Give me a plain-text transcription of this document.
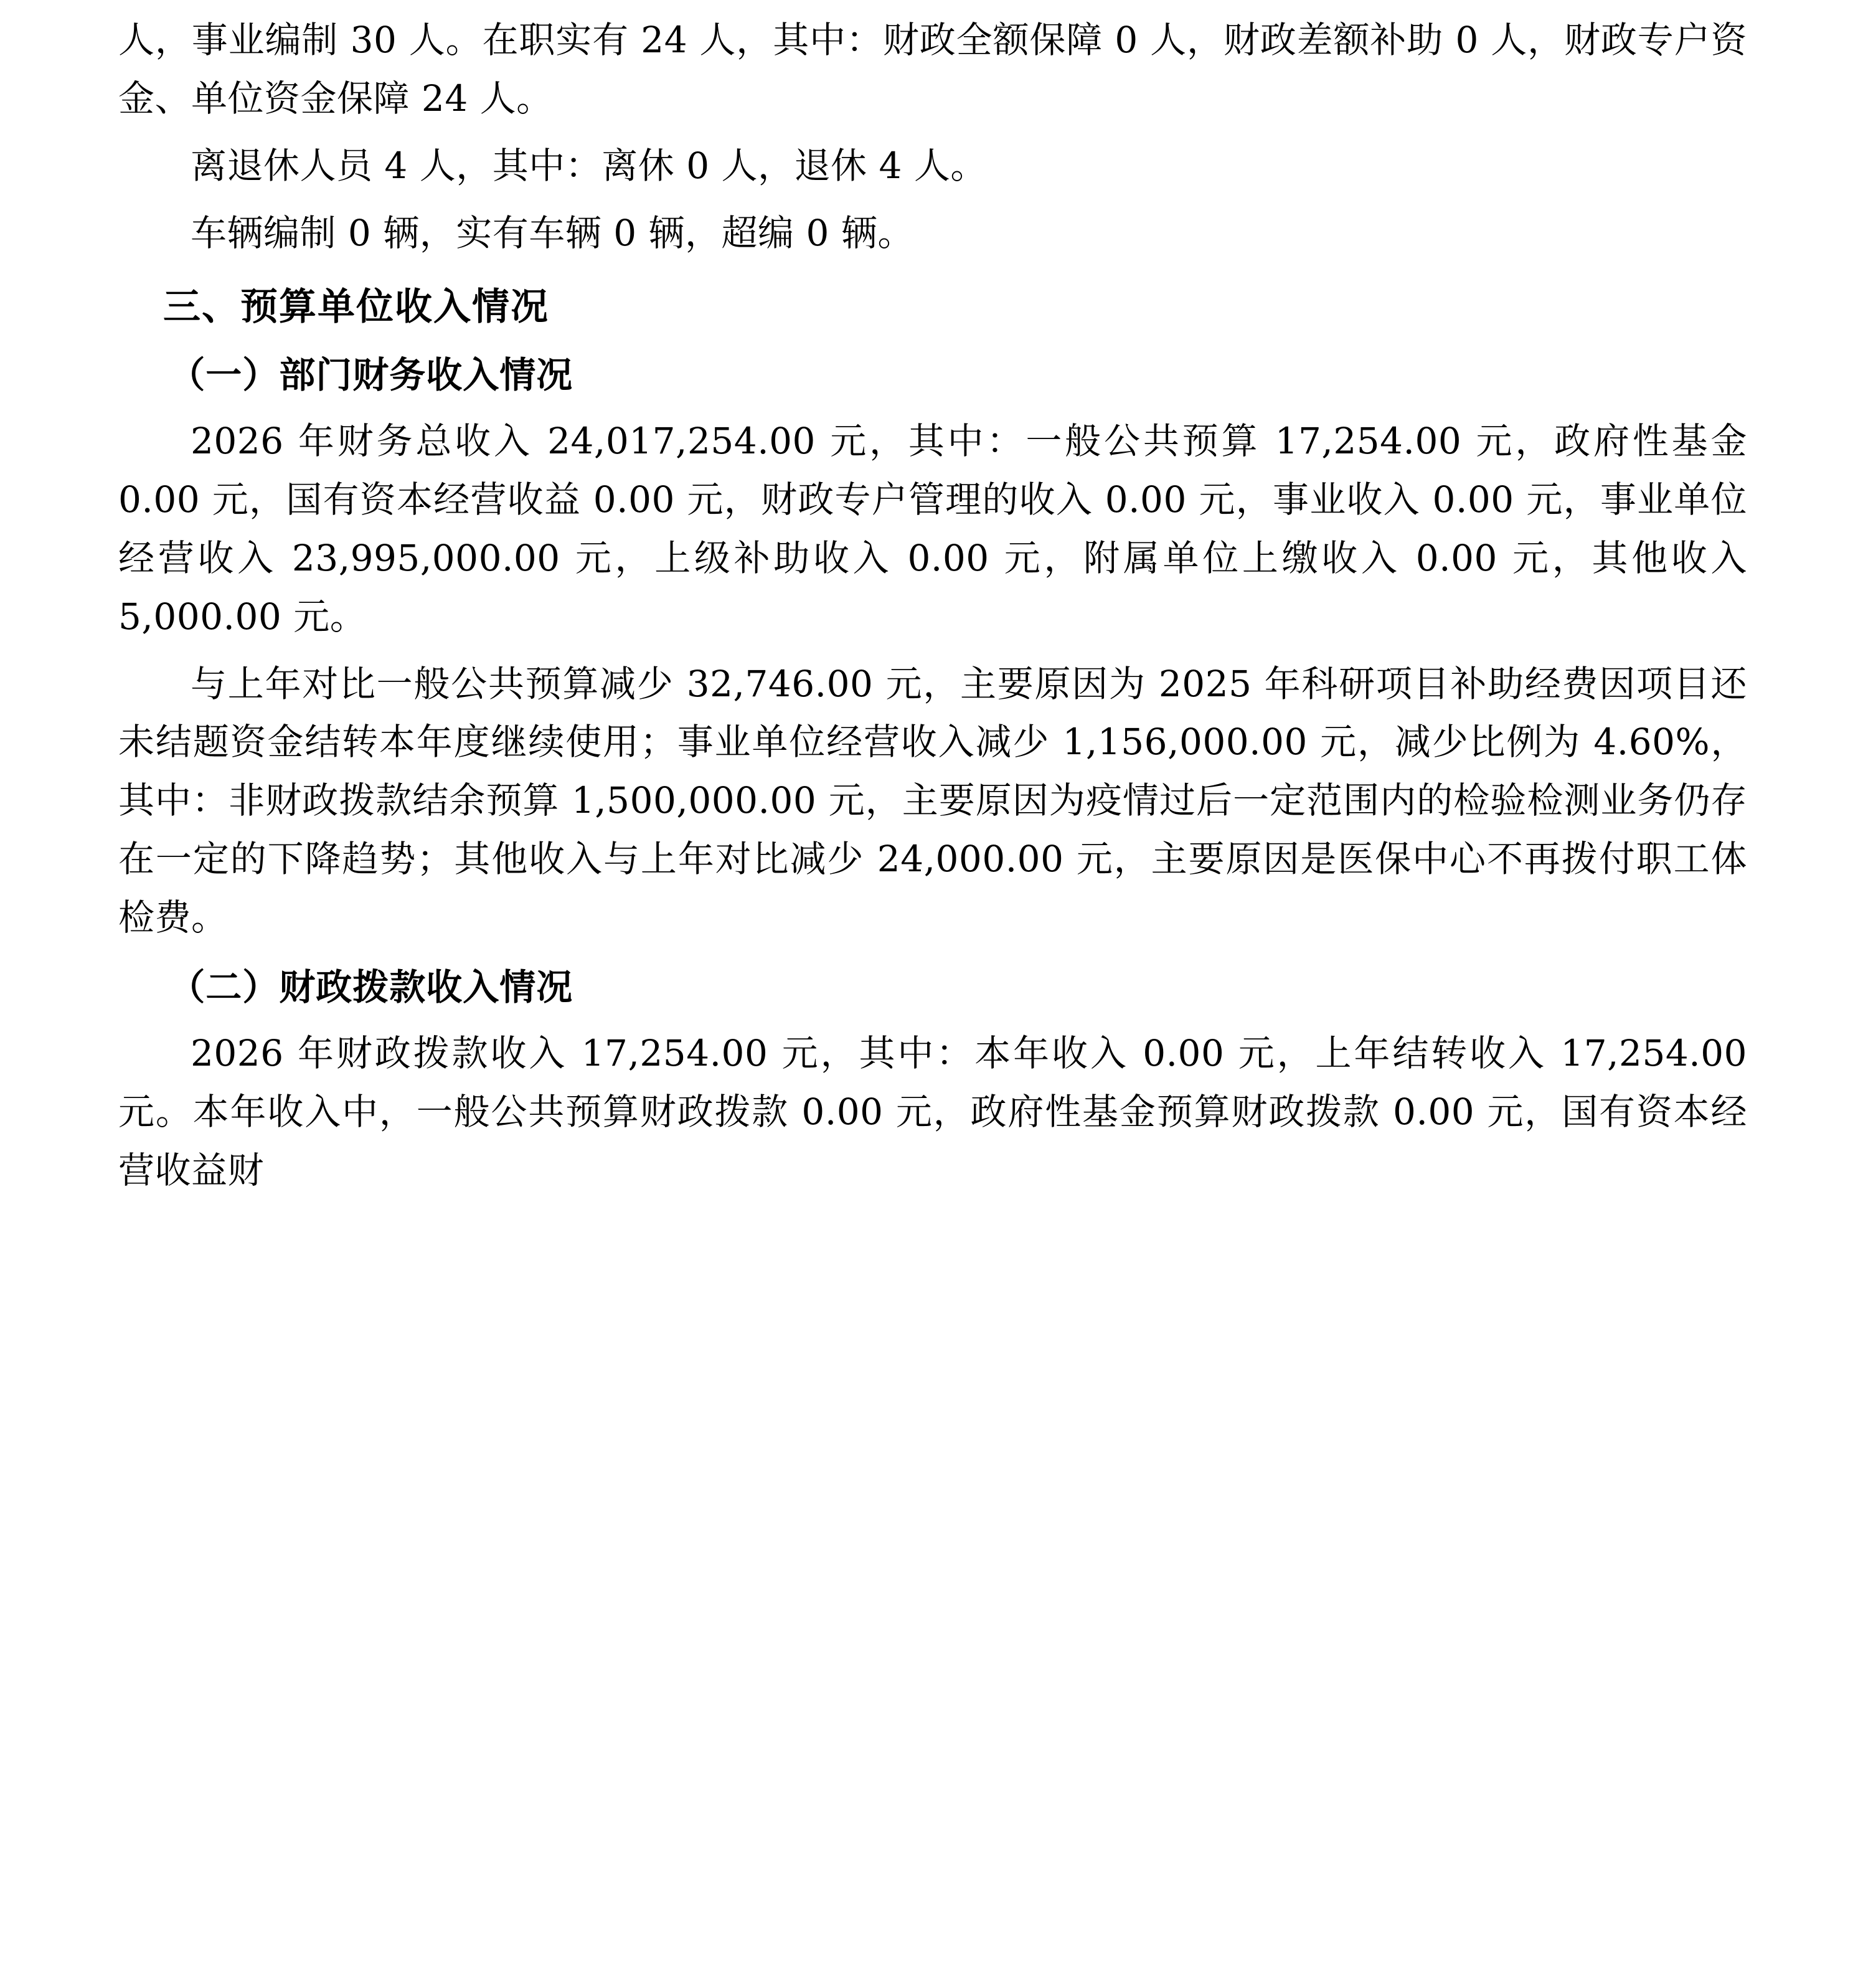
人，事业编制 30 人。在职实有 24 人，其中：财政全额保障 0 人，财政差额补助 0 人，财政专户资金、单位资金保障 24 人。

离退休人员 4 人，其中：离休 0 人，退休 4 人。

车辆编制 0 辆，实有车辆 0 辆，超编 0 辆。

三、预算单位收入情况
（一）部门财务收入情况

2026 年财务总收入 24,017,254.00 元，其中：一般公共预算 17,254.00 元，政府性基金 0.00 元，国有资本经营收益 0.00 元，财政专户管理的收入 0.00 元，事业收入 0.00 元，事业单位经营收入 23,995,000.00 元，上级补助收入 0.00 元，附属单位上缴收入 0.00 元，其他收入 5,000.00 元。

与上年对比一般公共预算减少 32,746.00 元，主要原因为 2025 年科研项目补助经费因项目还未结题资金结转本年度继续使用；事业单位经营收入减少 1,156,000.00 元，减少比例为 4.60%，其中：非财政拨款结余预算 1,500,000.00 元，主要原因为疫情过后一定范围内的检验检测业务仍存在一定的下降趋势；其他收入与上年对比减少 24,000.00 元，主要原因是医保中心不再拨付职工体检费。

（二）财政拨款收入情况

2026 年财政拨款收入 17,254.00 元，其中：本年收入 0.00 元，上年结转收入 17,254.00 元。本年收入中，一般公共预算财政拨款 0.00 元，政府性基金预算财政拨款 0.00 元，国有资本经营收益财
